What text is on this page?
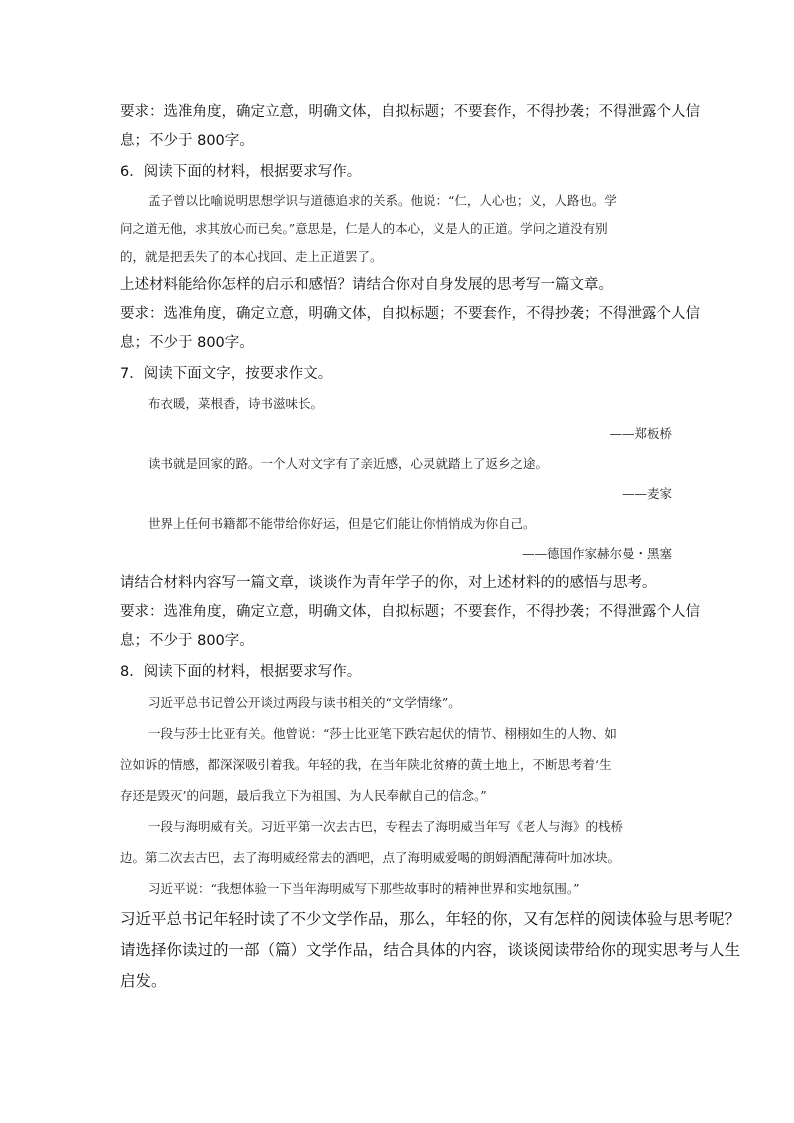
要求：选准角度，确定立意，明确文体，自拟标题；不要套作，不得抄袭；不得泄露个人信
息；不少于 800字。
6．阅读下面的材料，根据要求写作。
孟子曾以比喻说明思想学识与道德追求的关系。他说：“仁，人心也；义，人路也。学
问之道无他，求其放心而已矣。”意思是，仁是人的本心，义是人的正道。学问之道没有别
的，就是把丢失了的本心找回、走上正道罢了。
上述材料能给你怎样的启示和感悟？请结合你对自身发展的思考写一篇文章。
要求：选准角度，确定立意，明确文体，自拟标题；不要套作，不得抄袭；不得泄露个人信
息；不少于 800字。
7．阅读下面文字，按要求作文。
布衣暖，菜根香，诗书滋味长。
——郑板桥
读书就是回家的路。一个人对文字有了亲近感，心灵就踏上了返乡之途。
——麦家
世界上任何书籍都不能带给你好运，但是它们能让你悄悄成为你自己。
——德国作家赫尔曼・黑塞
请结合材料内容写一篇文章，谈谈作为青年学子的你，对上述材料的的感悟与思考。
要求：选准角度，确定立意，明确文体，自拟标题；不要套作，不得抄袭；不得泄露个人信
息；不少于 800字。
8．阅读下面的材料，根据要求写作。
习近平总书记曾公开谈过两段与读书相关的“文学情缘”。
一段与莎士比亚有关。他曾说：“莎士比亚笔下跌宕起伏的情节、栩栩如生的人物、如
泣如诉的情感，都深深吸引着我。年轻的我，在当年陕北贫瘠的黄土地上，不断思考着‘生
存还是毁灭’的问题，最后我立下为祖国、为人民奉献自己的信念。”
一段与海明威有关。习近平第一次去古巴，专程去了海明威当年写《老人与海》的栈桥
边。第二次去古巴，去了海明威经常去的酒吧，点了海明威爱喝的朗姆酒配薄荷叶加冰块。
习近平说：“我想体验一下当年海明威写下那些故事时的精神世界和实地氛围。”
习近平总书记年轻时读了不少文学作品，那么，年轻的你，又有怎样的阅读体验与思考呢？
请选择你读过的一部（篇）文学作品，结合具体的内容，谈谈阅读带给你的现实思考与人生
启发。
